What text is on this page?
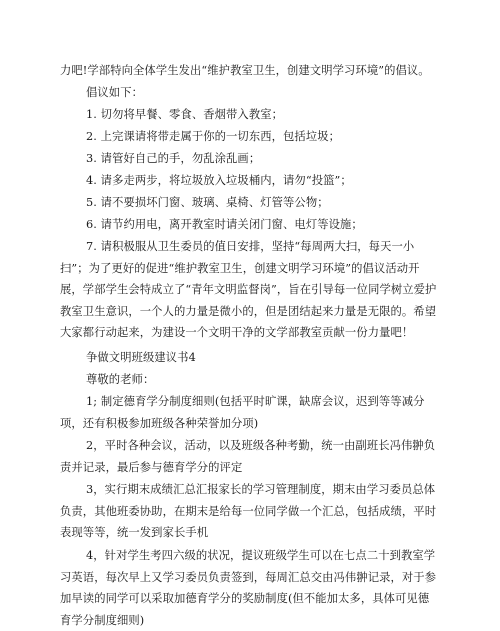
力吧!学部特向全体学生发出“维护教室卫生，创建文明学习环境”的倡议。

倡议如下：

1. 切勿将早餐、零食、香烟带入教室；

2. 上完课请将带走属于你的一切东西，包括垃圾；

3. 请管好自己的手，勿乱涂乱画；

4. 请多走两步，将垃圾放入垃圾桶内，请勿“投篮”；

5. 请不要损坏门窗、玻璃、桌椅、灯管等公物；

6. 请节约用电，离开教室时请关闭门窗、电灯等设施；

7. 请积极服从卫生委员的值日安排，坚持“每周两大扫，每天一小扫”；为了更好的促进“维护教室卫生，创建文明学习环境”的倡议活动开展，学部学生会特成立了“青年文明监督岗”，旨在引导每一位同学树立爱护教室卫生意识，一个人的力量是微小的，但是团结起来力量是无限的。希望大家都行动起来，为建设一个文明干净的文学部教室贡献一份力量吧！

争做文明班级建议书4

尊敬的老师：

1; 制定德育学分制度细则(包括平时旷课，缺席会议，迟到等等减分项，还有积极参加班级各种荣誉加分项)

2，平时各种会议，活动，以及班级各种考勤，统一由副班长冯伟翀负责并记录，最后参与德育学分的评定

3，实行期末成绩汇总汇报家长的学习管理制度，期末由学习委员总体负责，其他班委协助，在期末是给每一位同学做一个汇总，包括成绩，平时表现等等，统一发到家长手机

4，针对学生考四六级的状况，提议班级学生可以在七点二十到教室学习英语，每次早上又学习委员负责签到，每周汇总交由冯伟翀记录，对于参加早读的同学可以采取加德育学分的奖励制度(但不能加太多，具体可见德育学分制度细则)
